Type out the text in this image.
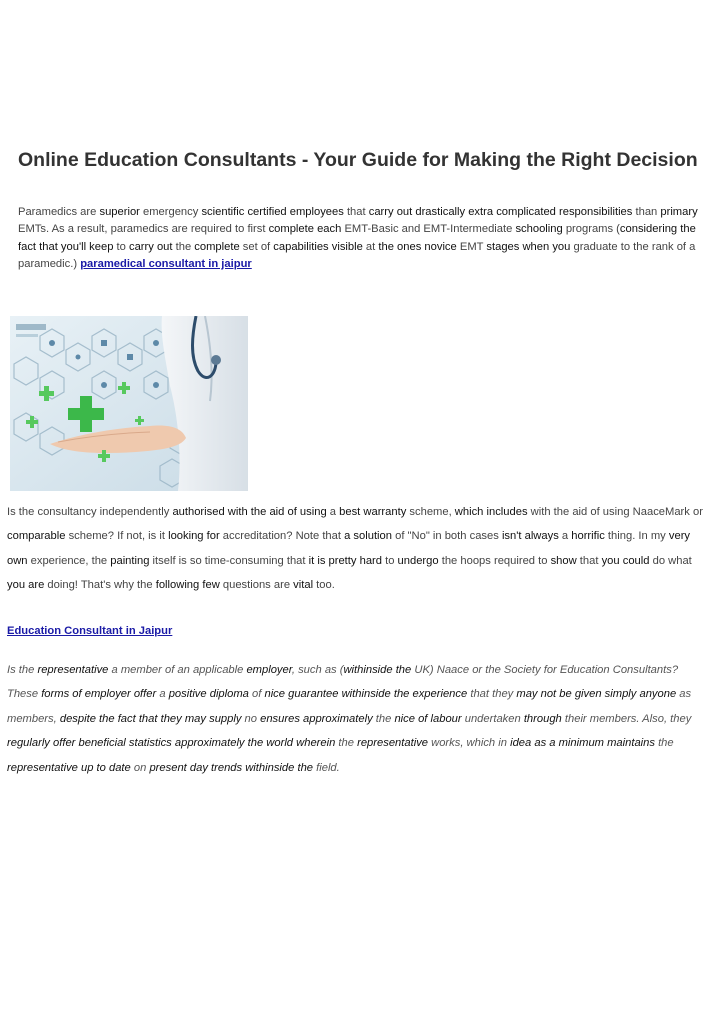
Online Education Consultants - Your Guide for Making the Right Decision

Paramedics are superior emergency scientific certified employees that carry out drastically extra complicated responsibilities than primary EMTs. As a result, paramedics are required to first complete each EMT-Basic and EMT-Intermediate schooling programs (considering the fact that you'll keep to carry out the complete set of capabilities visible at the ones novice EMT stages when you graduate to the rank of a paramedic.) paramedical consultant in jaipur

Is the consultancy independently authorised with the aid of using a best warranty scheme, which includes with the aid of using NaaceMark or comparable scheme? If not, is it looking for accreditation? Note that a solution of "No" in both cases isn't always a horrific thing. In my very own experience, the painting itself is so time-consuming that it is pretty hard to undergo the hoops required to show that you could do what you are doing! That's why the following few questions are vital too.

Education Consultant in Jaipur

Is the representative a member of an applicable employer, such as (withinside the UK) Naace or the Society for Education Consultants? These forms of employer offer a positive diploma of nice guarantee withinside the experience that they may not be given simply anyone as members, despite the fact that they may supply no ensures approximately the nice of labour undertaken through their members. Also, they regularly offer beneficial statistics approximately the world wherein the representative works, which in idea as a minimum maintains the representative up to date on present day trends withinside the field.
